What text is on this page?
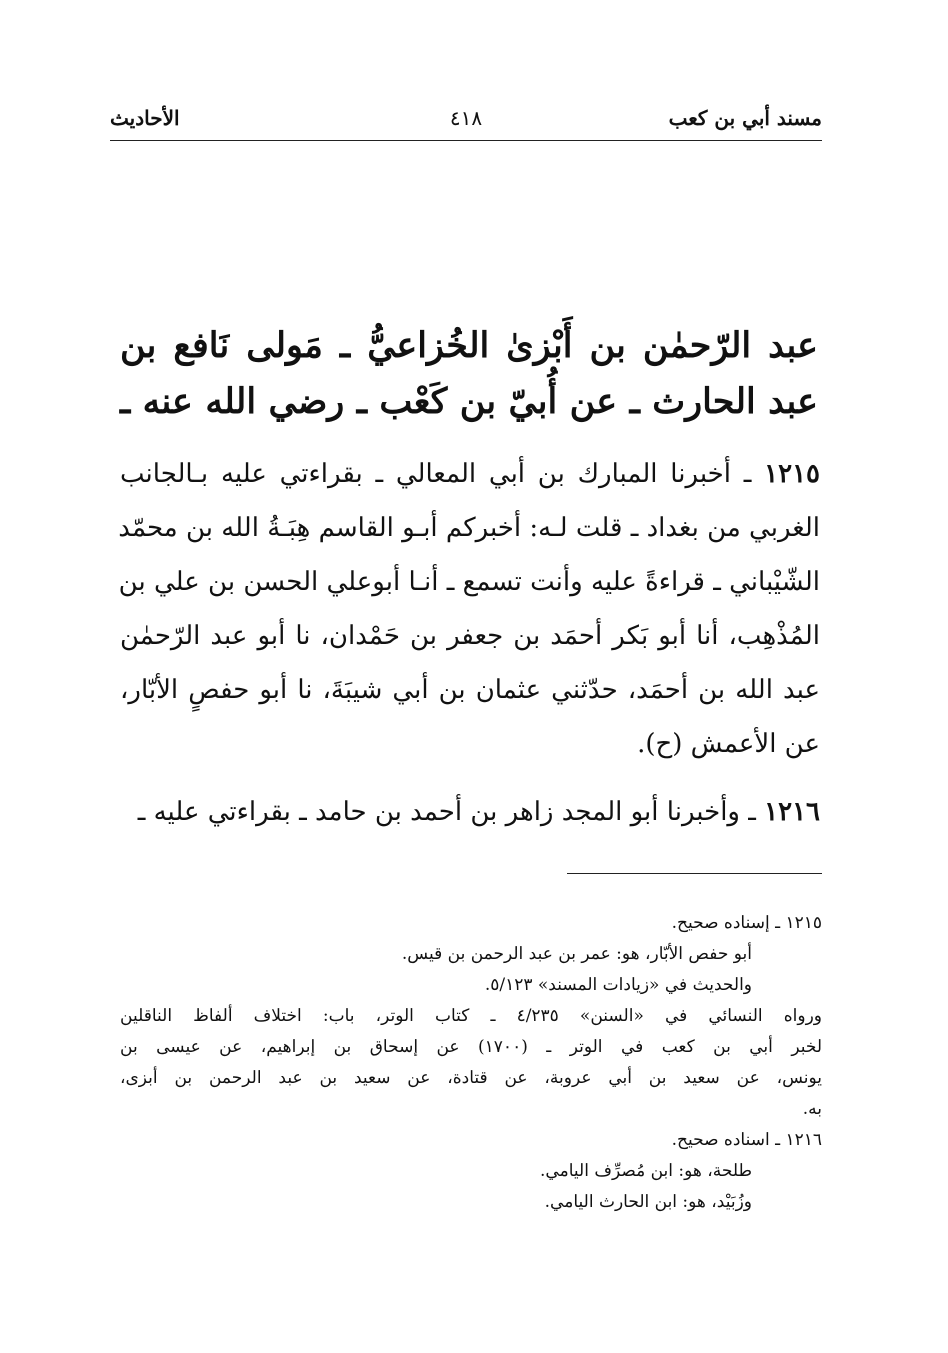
مسند أبي بن كعب
٤١٨
الأحاديث
عبد الرّحمٰن بن أَبْزىٰ الخُزاعيُّ ـ مَولى نَافع بن
عبد الحارث ـ عن أُبيّ بن كَعْب ـ رضي الله عنه ـ
١٢١٥ ـ أخبرنا المبارك بن أبي المعالي ـ بقراءتي عليه بـالجانب
الغربي من بغداد ـ قلت لـه: أخبركم أبـو القاسم هِبَـةُ الله بن محمّد
الشّيْباني ـ قراءةً عليه وأنت تسمع ـ أنـا أبوعلي الحسن بن علي بن
المُذْهِب، أنا أبو بَكر أحمَد بن جعفر بن حَمْدان، نا أبو عبد الرّحمٰن
عبد الله بن أحمَد، حدّثني عثمان بن أبي شيبَةَ، نا أبو حفصٍ الأبّار،
عن الأعمش (ح).
١٢١٦ ـ وأخبرنا أبو المجد زاهر بن أحمد بن حامد ـ بقراءتي عليه ـ
١٢١٥ ـ إسناده صحيح.
أبو حفص الأبّار، هو: عمر بن عبد الرحمن بن قيس.
والحديث في «زيادات المسند» ٥/١٢٣.
ورواه النسائي في «السنن» ٤/٢٣٥ ـ كتاب الوتر، باب: اختلاف ألفاظ الناقلين
لخبر أبي بن كعب في الوتر ـ (١٧٠٠) عن إسحاق بن إبراهيم، عن عيسى بن
يونس، عن سعيد بن أبي عروبة، عن قتادة، عن سعيد بن عبد الرحمن بن أبزى،
به.
١٢١٦ ـ اسناده صحيح.
طلحة، هو: ابن مُصرِّف اليامي.
وزُبَيْد، هو: ابن الحارث اليامي.
